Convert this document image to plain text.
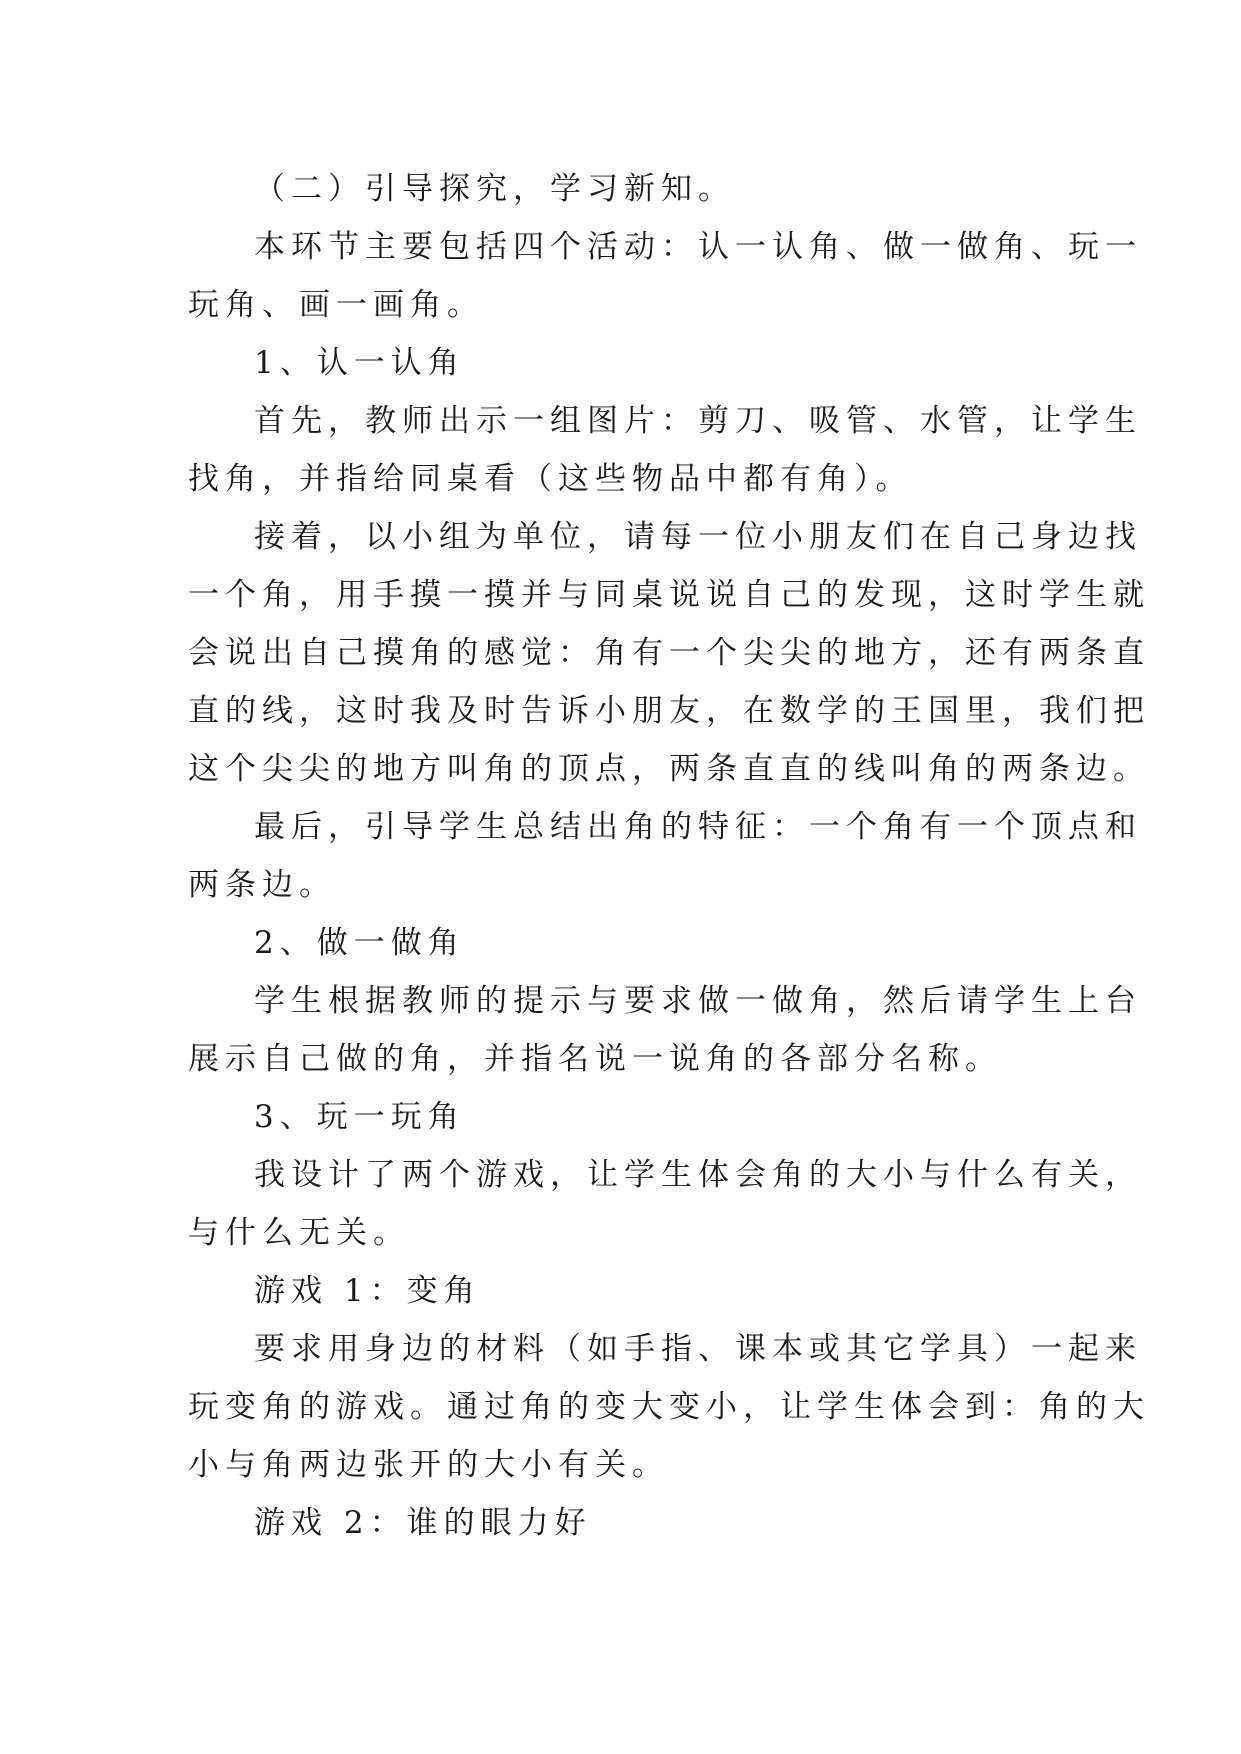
（二）引导探究，学习新知。

本环节主要包括四个活动：认一认角、做一做角、玩一

玩角、画一画角。

1、认一认角

首先，教师出示一组图片：剪刀、吸管、水管，让学生

找角，并指给同桌看（这些物品中都有角）。

接着，以小组为单位，请每一位小朋友们在自己身边找

一个角，用手摸一摸并与同桌说说自己的发现，这时学生就

会说出自己摸角的感觉：角有一个尖尖的地方，还有两条直

直的线，这时我及时告诉小朋友，在数学的王国里，我们把

这个尖尖的地方叫角的顶点，两条直直的线叫角的两条边。

最后，引导学生总结出角的特征：一个角有一个顶点和

两条边。

2、做一做角

学生根据教师的提示与要求做一做角，然后请学生上台

展示自己做的角，并指名说一说角的各部分名称。

3、玩一玩角

我设计了两个游戏，让学生体会角的大小与什么有关，

与什么无关。

游戏 1：变角

要求用身边的材料（如手指、课本或其它学具）一起来

玩变角的游戏。通过角的变大变小，让学生体会到：角的大

小与角两边张开的大小有关。

游戏 2：谁的眼力好
